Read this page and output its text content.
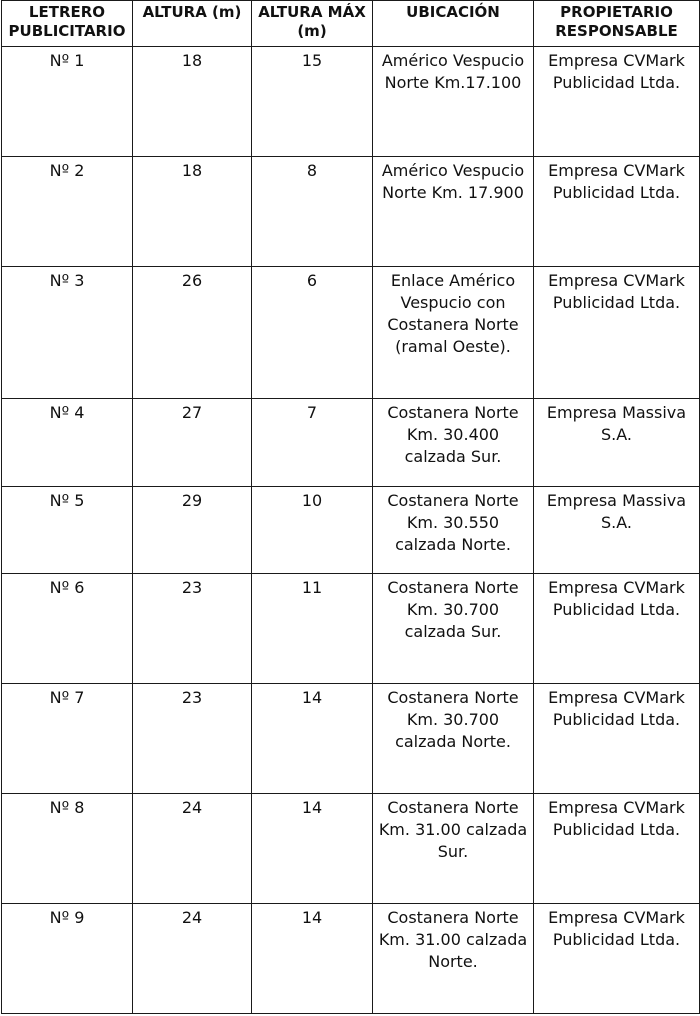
LETRERO PUBLICITARIO	ALTURA (m)	ALTURA MÁX (m)	UBICACIÓN	PROPIETARIO RESPONSABLE
Nº 1	18	15	Américo Vespucio Norte Km.17.100	Empresa CVMark Publicidad Ltda.
Nº 2	18	8	Américo Vespucio Norte Km. 17.900	Empresa CVMark Publicidad Ltda.
Nº 3	26	6	Enlace Américo Vespucio con Costanera Norte (ramal Oeste).	Empresa CVMark Publicidad Ltda.
Nº 4	27	7	Costanera Norte Km. 30.400 calzada Sur.	Empresa Massiva S.A.
Nº 5	29	10	Costanera Norte Km. 30.550 calzada Norte.	Empresa Massiva S.A.
Nº 6	23	11	Costanera Norte Km. 30.700 calzada Sur.	Empresa CVMark Publicidad Ltda.
Nº 7	23	14	Costanera Norte Km. 30.700 calzada Norte.	Empresa CVMark Publicidad Ltda.
Nº 8	24	14	Costanera Norte Km. 31.00 calzada Sur.	Empresa CVMark Publicidad Ltda.
Nº 9	24	14	Costanera Norte Km. 31.00 calzada Norte.	Empresa CVMark Publicidad Ltda.
